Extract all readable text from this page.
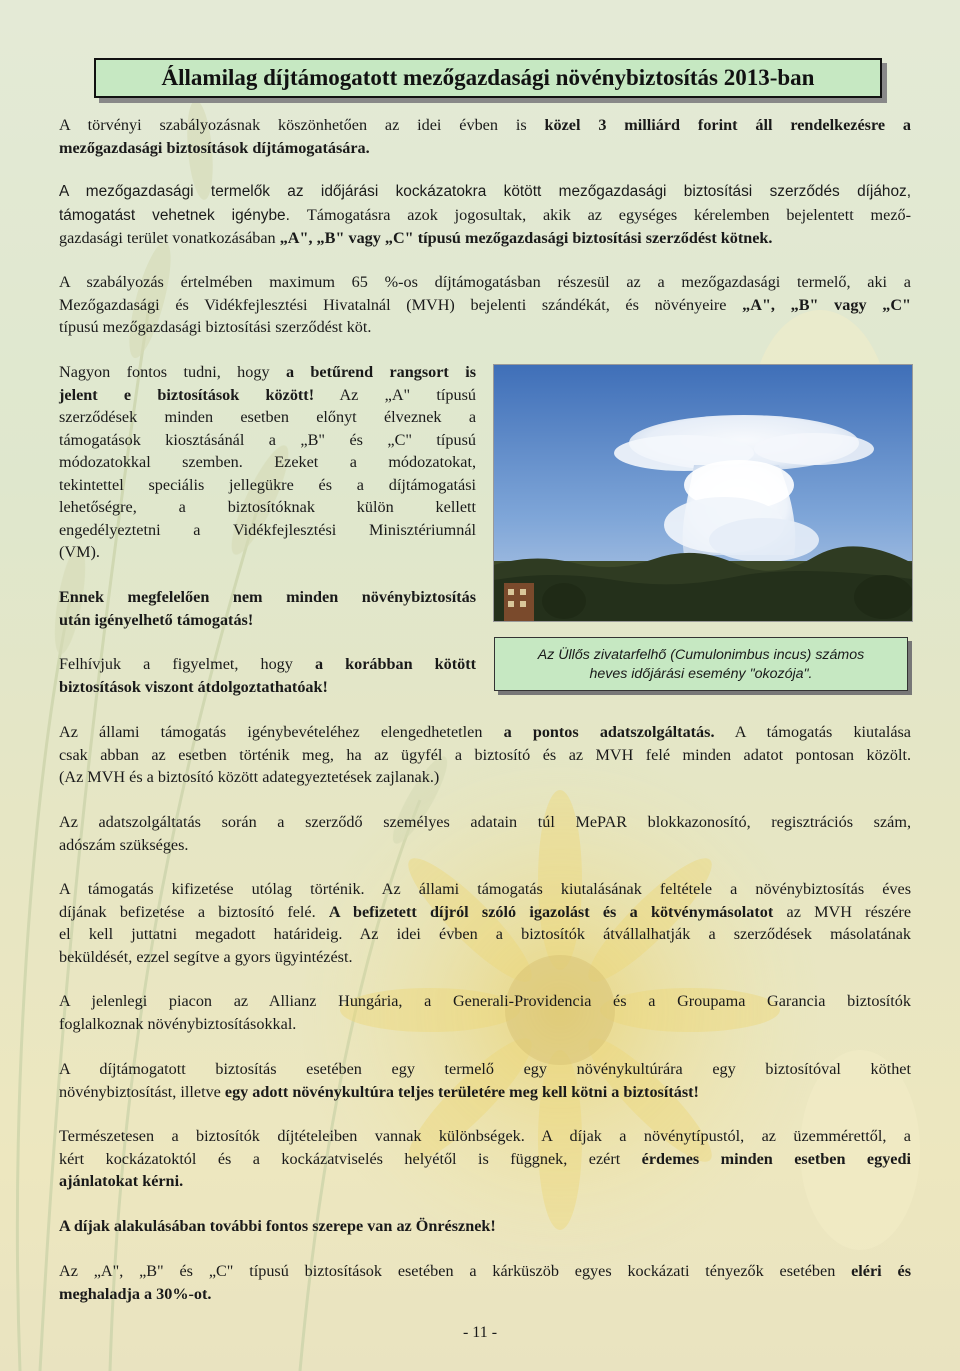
Államilag díjtámogatott mezőgazdasági növénybiztosítás 2013-ban
A törvényi szabályozásnak köszönhetően az idei évben is közel 3 milliárd forint áll rendelkezésre a
mezőgazdasági biztosítások díjtámogatására.
A mezőgazdasági termelők az időjárási kockázatokra kötött mezőgazdasági biztosítási szerződés díjához,
támogatást vehetnek igénybe. Támogatásra azok jogosultak, akik az egységes kérelemben bejelentett mező-
gazdasági terület vonatkozásában „A", „B" vagy „C" típusú mezőgazdasági biztosítási szerződést kötnek.
A szabályozás értelmében maximum 65 %-os díjtámogatásban részesül az a mezőgazdasági termelő, aki a
Mezőgazdasági és Vidékfejlesztési Hivatalnál (MVH) bejelenti szándékát, és növényeire „A", „B" vagy „C"
típusú mezőgazdasági biztosítási szerződést köt.
Nagyon fontos tudni, hogy a betűrend rangsort is
jelent e biztosítások között! Az „A" típusú
szerződések minden esetben előnyt élveznek a
támogatások kiosztásánál a „B" és „C" típusú
módozatokkal szemben. Ezeket a módozatokat,
tekintettel speciális jellegükre és a díjtámogatási
lehetőségre, a biztosítóknak külön kellett
engedélyeztetni a Vidékfejlesztési Minisztériumnál
(VM).
Ennek megfelelően nem minden növénybiztosítás
után igényelhető támogatás!
Felhívjuk a figyelmet, hogy a korábban kötött
biztosítások viszont átdolgoztathatóak!
Az Üllős zivatarfelhő (Cumulonimbus incus) számos
heves időjárási esemény "okozója".
Az állami támogatás igénybevételéhez elengedhetetlen a pontos adatszolgáltatás. A támogatás kiutalása
csak abban az esetben történik meg, ha az ügyfél a biztosító és az MVH felé minden adatot pontosan közölt.
(Az MVH és a biztosító között adategyeztetések zajlanak.)
Az adatszolgáltatás során a szerződő személyes adatain túl MePAR blokkazonosító, regisztrációs szám,
adószám szükséges.
A támogatás kifizetése utólag történik. Az állami támogatás kiutalásának feltétele a növénybiztosítás éves
díjának befizetése a biztosító felé. A befizetett díjról szóló igazolást és a kötvénymásolatot az MVH részére
el kell juttatni megadott határideig. Az idei évben a biztosítók átvállalhatják a szerződések másolatának
beküldését, ezzel segítve a gyors ügyintézést.
A jelenlegi piacon az Allianz Hungária, a Generali-Providencia és a Groupama Garancia biztosítók
foglalkoznak növénybiztosításokkal.
A díjtámogatott biztosítás esetében egy termelő egy növénykultúrára egy biztosítóval köthet
növénybiztosítást, illetve egy adott növénykultúra teljes területére meg kell kötni a biztosítást!
Természetesen a biztosítók díjtételeiben vannak különbségek. A díjak a növénytípustól, az üzemmérettől, a
kért kockázatoktól és a kockázatviselés helyétől is függnek, ezért érdemes minden esetben egyedi
ajánlatokat kérni.
A díjak alakulásában további fontos szerepe van az Önrésznek!
Az „A", „B" és „C" típusú biztosítások esetében a kárküszöb egyes kockázati tényezők esetében eléri és
meghaladja a 30%-ot.
- 11 -
